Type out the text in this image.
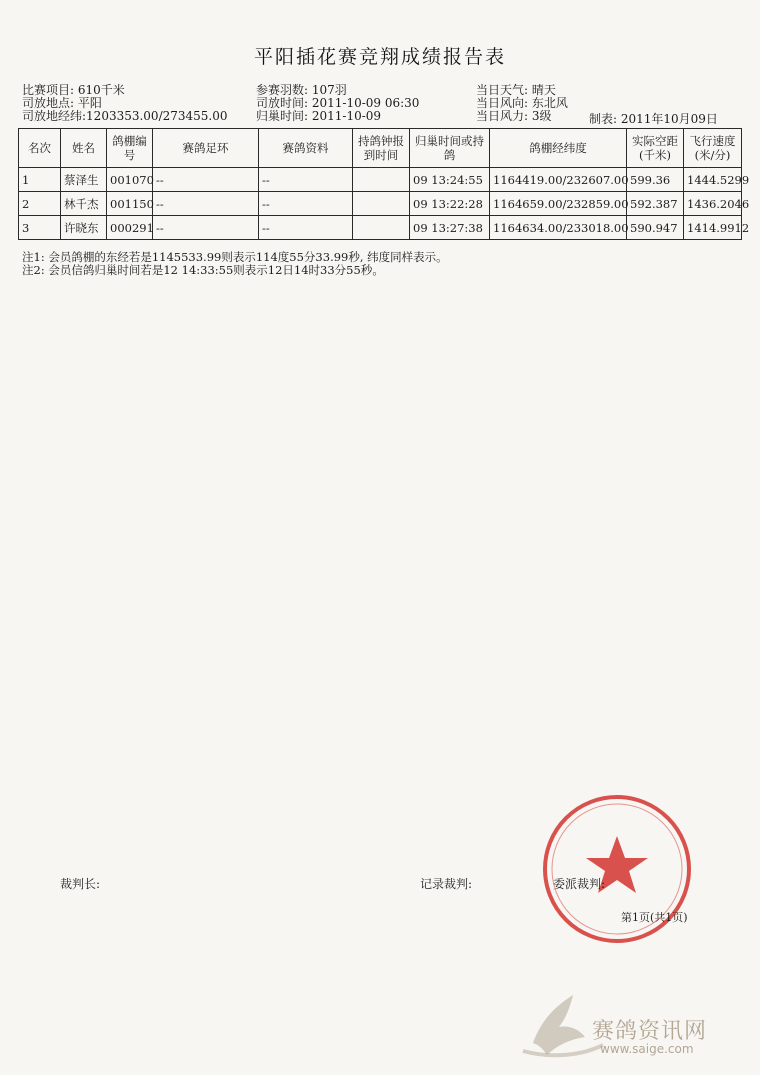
平阳插花赛竞翔成绩报告表
比赛项目: 610千米	参赛羽数: 107羽	当日天气: 晴天
司放地点: 平阳	司放时间: 2011-10-09 06:30	当日风向: 东北风
司放地经纬:1203353.00/273455.00 归巢时间: 2011-10-09	当日风力: 3级	制表: 2011年10月09日
名次	姓名	鸽棚编号	赛鸽足环	赛鸽资料	持鸽钟报到时间	归巢时间或持鸽	鸽棚经纬度	实际空距(千米)	飞行速度(米/分)
1	蔡泽生	001070	--	--		09 13:24:55	1164419.00/232607.00	599.36	1444.5299
2	林千杰	001150	--	--		09 13:22:28	1164659.00/232859.00	592.387	1436.2046
3	许晓东	000291	--	--		09 13:27:38	1164634.00/233018.00	590.947	1414.9912
注1: 会员鸽棚的东经若是1145533.99则表示114度55分33.99秒, 纬度同样表示。
注2: 会员信鸽归巢时间若是12 14:33:55则表示12日14时33分55秒。
裁判长:	记录裁判:	委派裁判:
第1页(共1页)
赛鸽资讯网
www.saige.com
